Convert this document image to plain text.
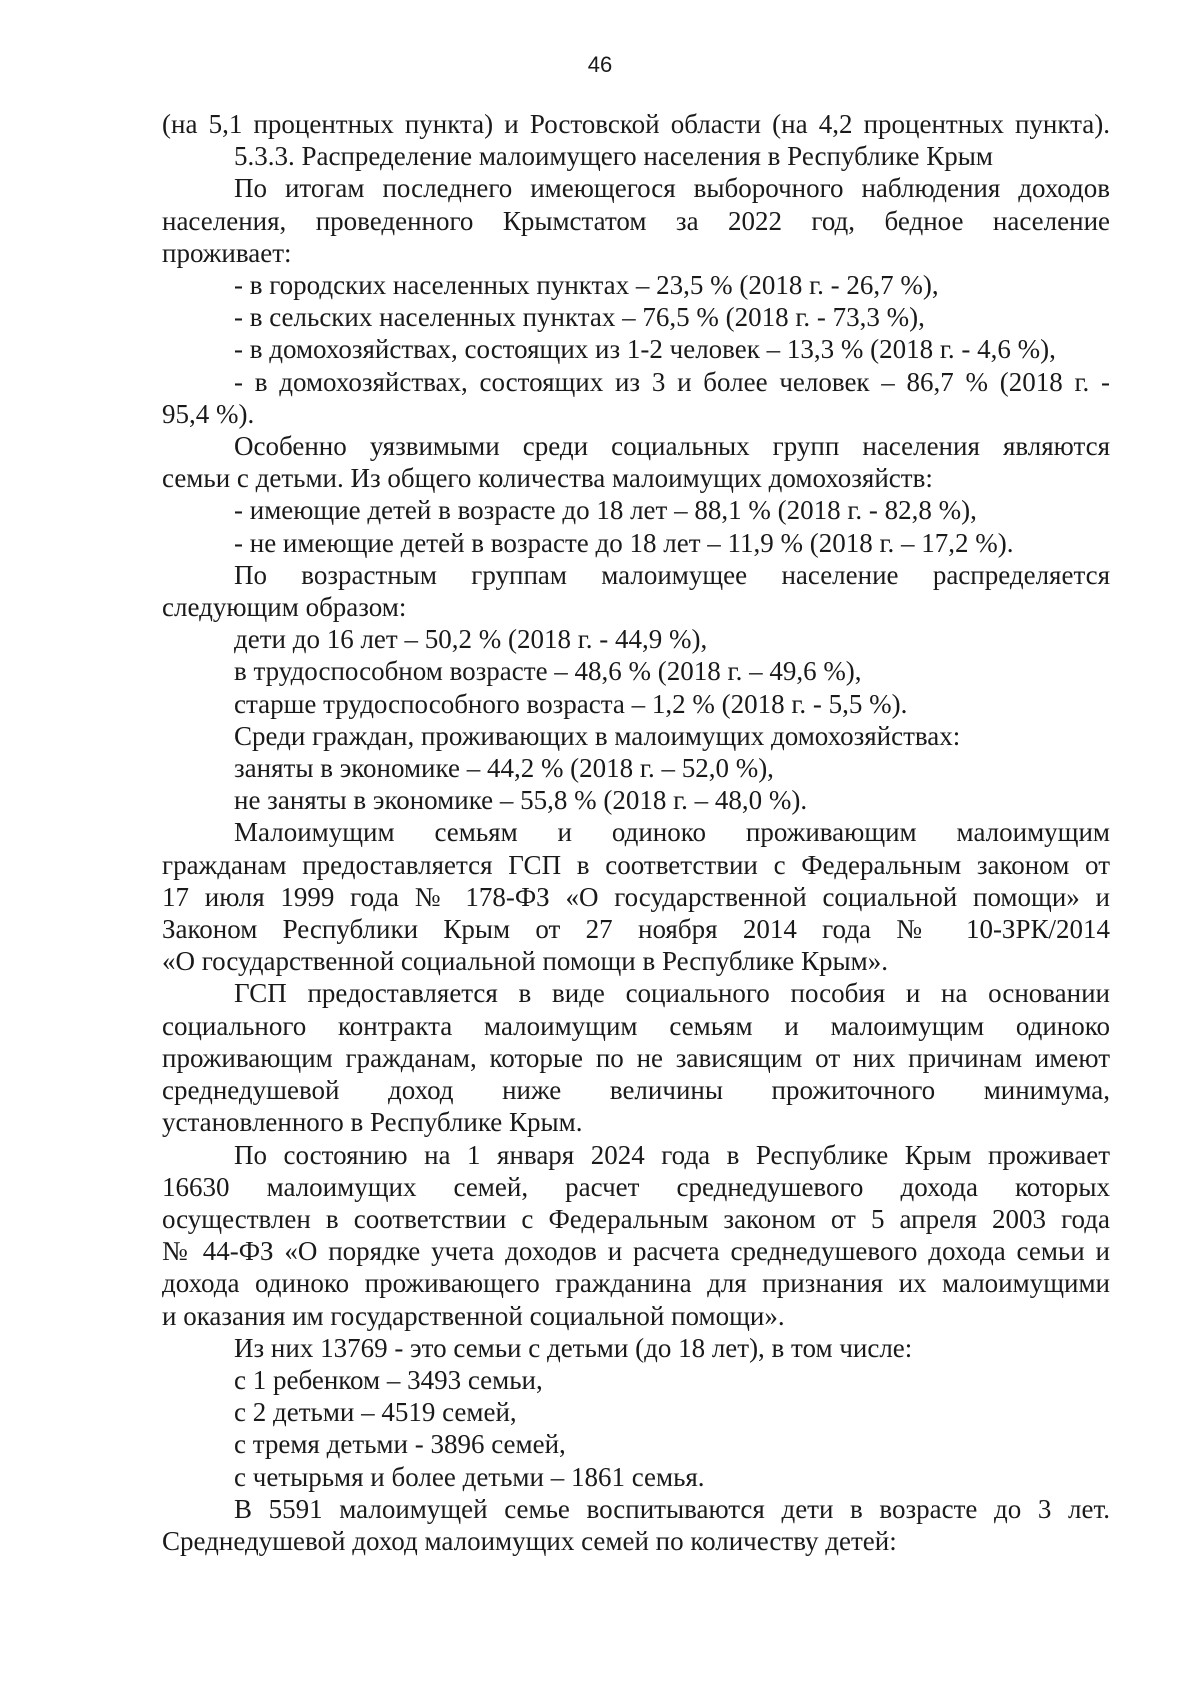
46

(на 5,1 процентных пункта) и Ростовской области (на 4,2 процентных пункта).

5.3.3. Распределение малоимущего населения в Республике Крым

По итогам последнего имеющегося выборочного наблюдения доходов

населения, проведенного Крымстатом за 2022 год, бедное население

проживает:

- в городских населенных пунктах – 23,5 % (2018 г. - 26,7 %),

- в сельских населенных пунктах – 76,5 % (2018 г. - 73,3 %),

- в домохозяйствах, состоящих из 1-2 человек – 13,3 % (2018 г. - 4,6 %),

- в домохозяйствах, состоящих из 3 и более человек – 86,7 % (2018 г. -

95,4 %).

Особенно уязвимыми среди социальных групп населения являются

семьи с детьми. Из общего количества малоимущих домохозяйств:

- имеющие детей в возрасте до 18 лет – 88,1 % (2018 г. - 82,8 %),

- не имеющие детей в возрасте до 18 лет – 11,9 % (2018 г. – 17,2 %).

По возрастным группам малоимущее население распределяется

следующим образом:

дети до 16 лет – 50,2 % (2018 г. - 44,9 %),

в трудоспособном возрасте – 48,6 % (2018 г. – 49,6 %),

старше трудоспособного возраста – 1,2 % (2018 г. - 5,5 %).

Среди граждан, проживающих в малоимущих домохозяйствах:

заняты в экономике – 44,2 % (2018 г. – 52,0 %),

не заняты в экономике – 55,8 % (2018 г. – 48,0 %).

Малоимущим семьям и одиноко проживающим малоимущим

гражданам предоставляется ГСП в соответствии с Федеральным законом от

17 июля 1999 года № 178-ФЗ «О государственной социальной помощи» и

Законом Республики Крым от 27 ноября 2014 года № 10-ЗРК/2014

«О государственной социальной помощи в Республике Крым».

ГСП предоставляется в виде социального пособия и на основании

социального контракта малоимущим семьям и малоимущим одиноко

проживающим гражданам, которые по не зависящим от них причинам имеют

среднедушевой доход ниже величины прожиточного минимума,

установленного в Республике Крым.

По состоянию на 1 января 2024 года в Республике Крым проживает

16630 малоимущих семей, расчет среднедушевого дохода которых

осуществлен в соответствии с Федеральным законом от 5 апреля 2003 года

№ 44-ФЗ «О порядке учета доходов и расчета среднедушевого дохода семьи и

дохода одиноко проживающего гражданина для признания их малоимущими

и оказания им государственной социальной помощи».

Из них 13769 - это семьи с детьми (до 18 лет), в том числе:

с 1 ребенком – 3493 семьи,

с 2 детьми – 4519 семей,

с тремя детьми - 3896 семей,

с четырьмя и более детьми – 1861 семья.

В 5591 малоимущей семье воспитываются дети в возрасте до 3 лет.

Среднедушевой доход малоимущих семей по количеству детей:
